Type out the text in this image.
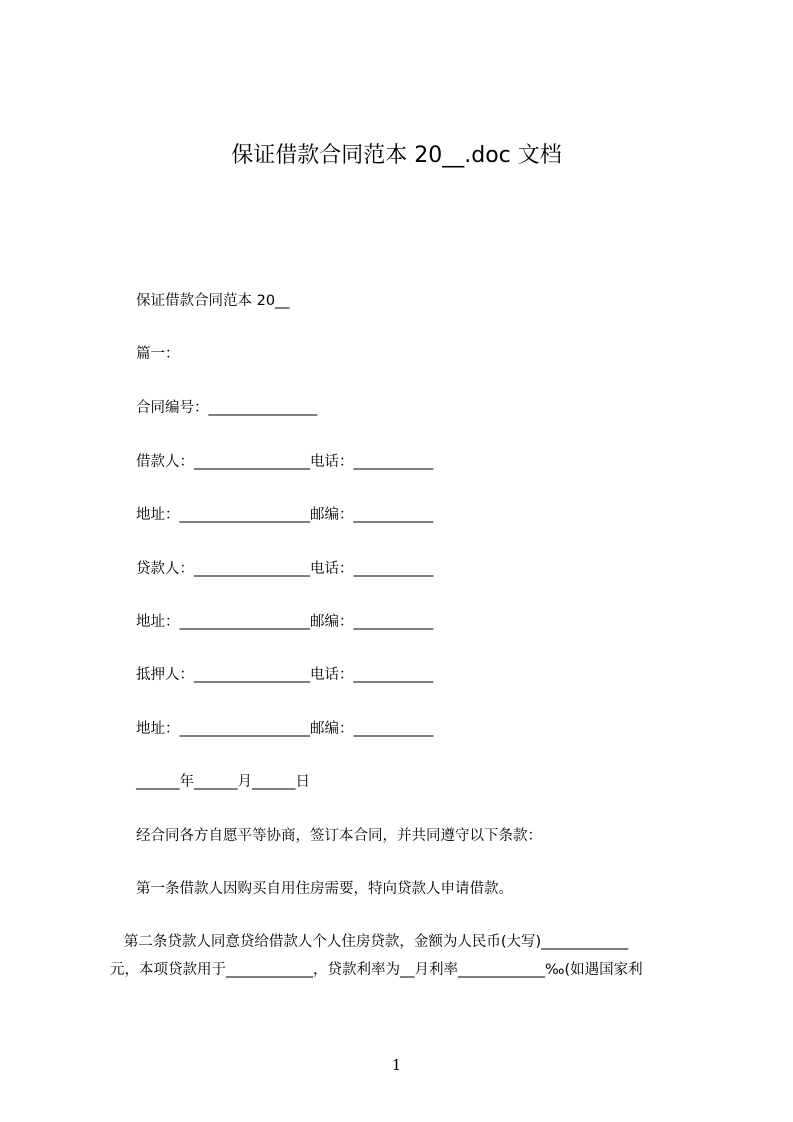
保证借款合同范本 20__.doc 文档
保证借款合同范本 20__
篇一：
合同编号：_______________
借款人：________________电话：___________
地址：__________________邮编：___________
贷款人：________________电话：___________
地址：__________________邮编：___________
抵押人：________________电话：___________
地址：__________________邮编：___________
______年______月______日
经合同各方自愿平等协商，签订本合同，并共同遵守以下条款：
第一条借款人因购买自用住房需要，特向贷款人申请借款。
第二条贷款人同意贷给借款人个人住房贷款，金额为人民币(大写)____________
元，本项贷款用于____________，贷款利率为__月利率____________‰(如遇国家利
1
